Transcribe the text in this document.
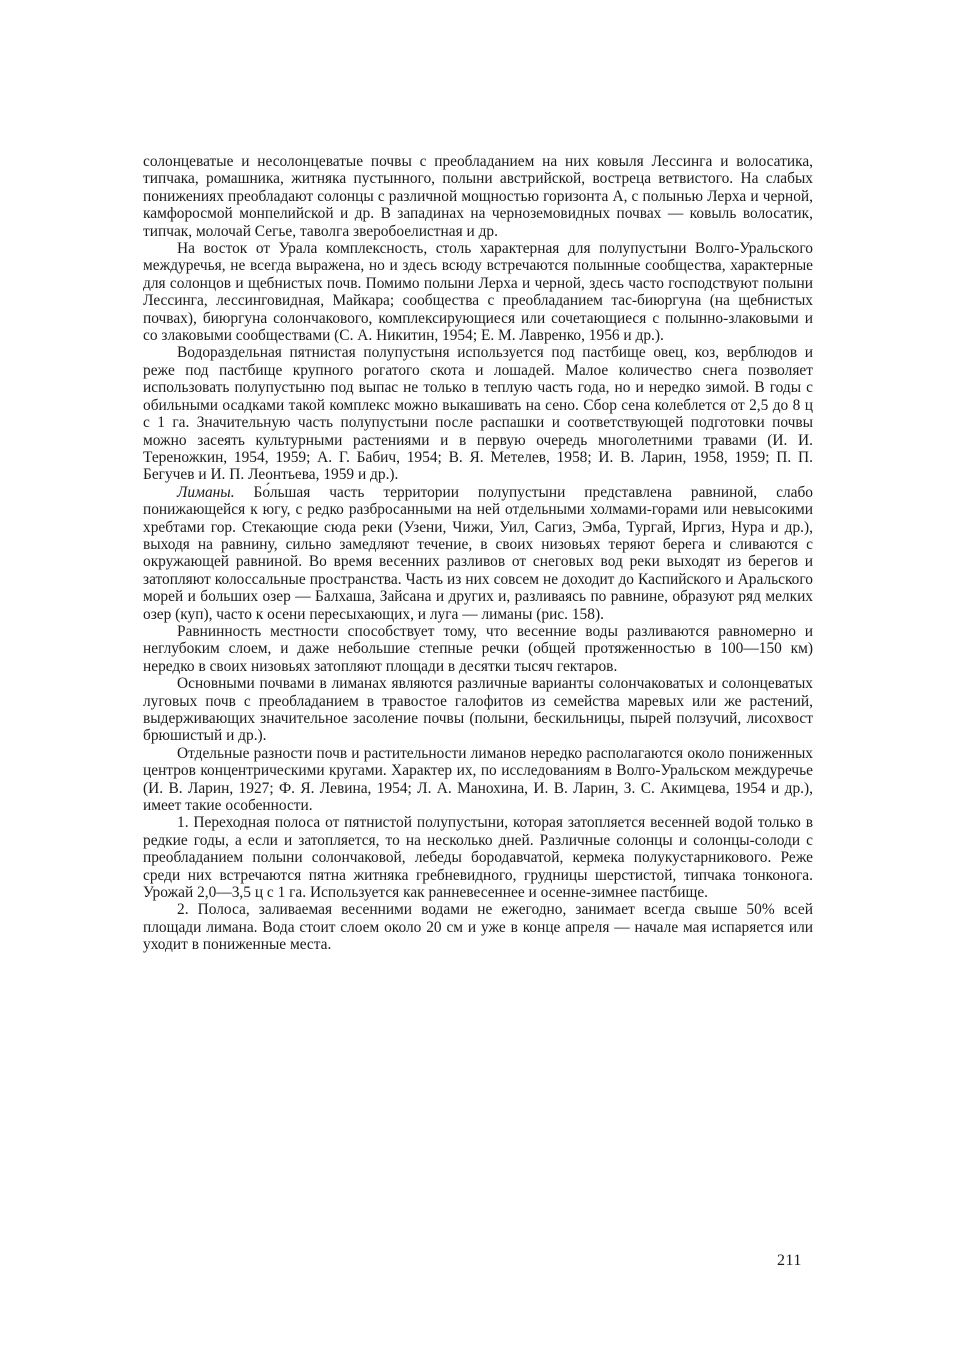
солонцеватые и несолонцеватые почвы с преобладанием на них ковыля Лессинга и волосатика, типчака, ромашника, житняка пустынного, полыни австрийской, востреца ветвистого. На слабых понижениях преобладают солонцы с различной мощностью горизонта А, с полынью Лерха и черной, камфоросмой монпелийской и др. В западинах на черноземовидных почвах — ковыль волосатик, типчак, молочай Сегье, таволга зверобоелистная и др.

На восток от Урала комплексность, столь характерная для полупустыни Волго-Уральского междуречья, не всегда выражена, но и здесь всюду встречаются полынные сообщества, характерные для солонцов и щебнистых почв. Помимо полыни Лерха и черной, здесь часто господствуют полыни Лессинга, лессинговидная, Майкара; сообщества с преобладанием тас-биюргуна (на щебнистых почвах), биюргуна солончакового, комплексирующиеся или сочетающиеся с полынно-злаковыми и со злаковыми сообществами (С. А. Никитин, 1954; Е. М. Лавренко, 1956 и др.).

Водораздельная пятнистая полупустыня используется под пастбище овец, коз, верблюдов и реже под пастбище крупного рогатого скота и лошадей. Малое количество снега позволяет использовать полупустыню под выпас не только в теплую часть года, но и нередко зимой. В годы с обильными осадками такой комплекс можно выкашивать на сено. Сбор сена колеблется от 2,5 до 8 ц с 1 га. Значительную часть полупустыни после распашки и соответствующей подготовки почвы можно засеять культурными растениями и в первую очередь многолетними травами (И. И. Тереножкин, 1954, 1959; А. Г. Бабич, 1954; В. Я. Метелев, 1958; И. В. Ларин, 1958, 1959; П. П. Бегучев и И. П. Леонтьева, 1959 и др.).

Лиманы. Бо́льшая часть территории полупустыни представлена равниной, слабо понижающейся к югу, с редко разбросанными на ней отдельными холмами-горами или невысокими хребтами гор. Стекающие сюда реки (Узени, Чижи, Уил, Сагиз, Эмба, Тургай, Иргиз, Нура и др.), выходя на равнину, сильно замедляют течение, в своих низовьях теряют берега и сливаются с окружающей равниной. Во время весенних разливов от снеговых вод реки выходят из берегов и затопляют колоссальные пространства. Часть из них совсем не доходит до Каспийского и Аральского морей и больших озер — Балхаша, Зайсана и других и, разливаясь по равнине, образуют ряд мелких озер (куп), часто к осени пересыхающих, и луга — лиманы (рис. 158).

Равнинность местности способствует тому, что весенние воды разливаются равномерно и неглубоким слоем, и даже небольшие степные речки (общей протяженностью в 100—150 км) нередко в своих низовьях затопляют площади в десятки тысяч гектаров.

Основными почвами в лиманах являются различные варианты солончаковатых и солонцеватых луговых почв с преобладанием в травостое галофитов из семейства маревых или же растений, выдерживающих значительное засоление почвы (полыни, бескильницы, пырей ползучий, лисохвост брюшистый и др.).

Отдельные разности почв и растительности лиманов нередко располагаются около пониженных центров концентрическими кругами. Характер их, по исследованиям в Волго-Уральском междуречье (И. В. Ларин, 1927; Ф. Я. Левина, 1954; Л. А. Манохина, И. В. Ларин, З. С. Акимцева, 1954 и др.), имеет такие особенности.

1. Переходная полоса от пятнистой полупустыни, которая затопляется весенней водой только в редкие годы, а если и затопляется, то на несколько дней. Различные солонцы и солонцы-солоди с преобладанием полыни солончаковой, лебеды бородавчатой, кермека полукустарникового. Реже среди них встречаются пятна житняка гребневидного, грудницы шерстистой, типчака тонконога. Урожай 2,0—3,5 ц с 1 га. Используется как ранневесеннее и осенне-зимнее пастбище.

2. Полоса, заливаемая весенними водами не ежегодно, занимает всегда свыше 50% всей площади лимана. Вода стоит слоем около 20 см и уже в конце апреля — начале мая испаряется или уходит в пониженные места.

211
